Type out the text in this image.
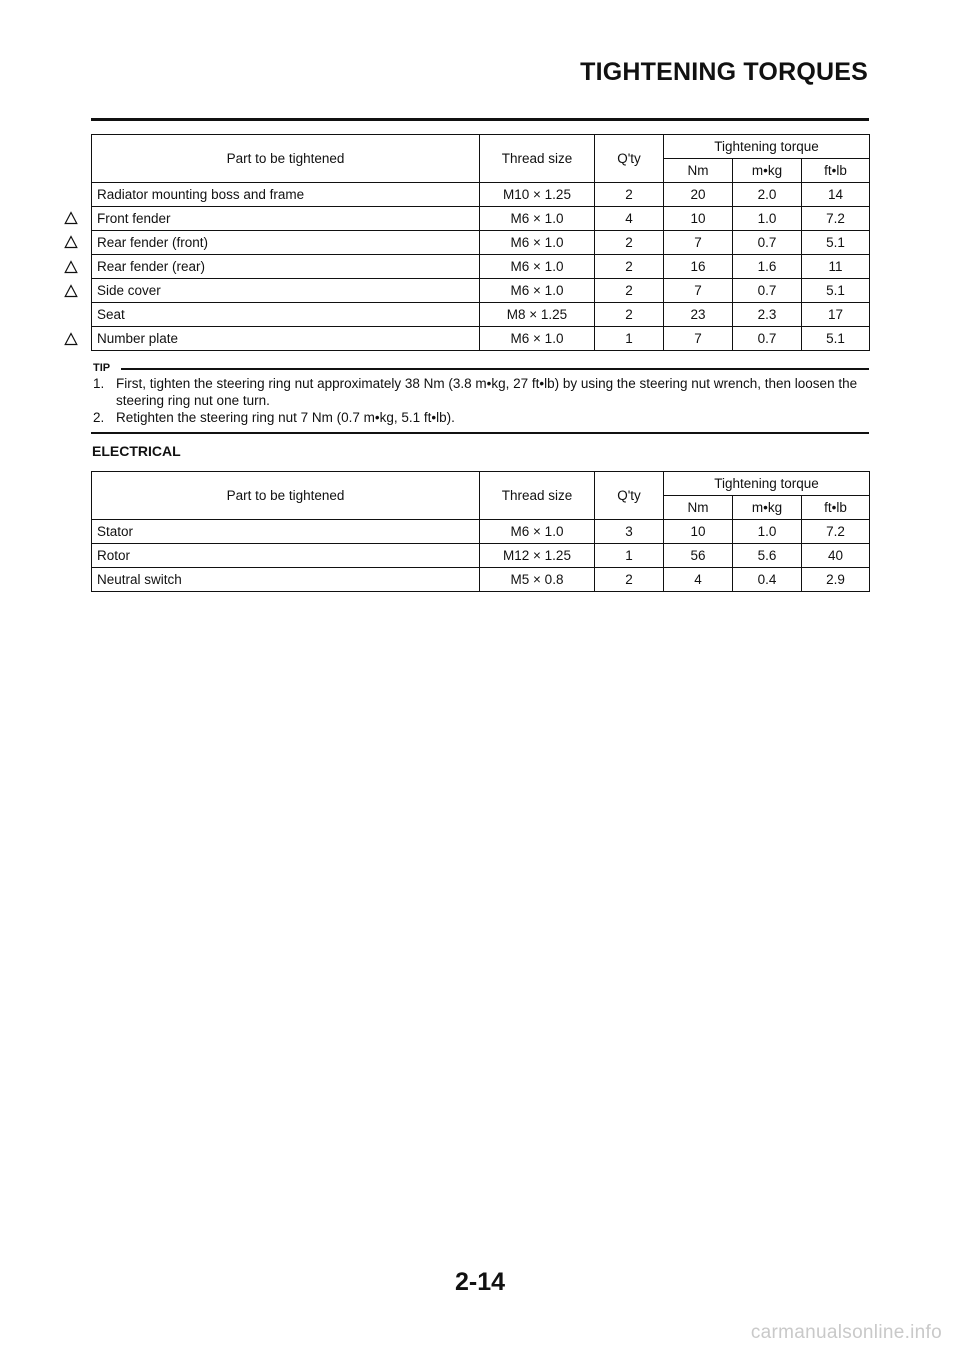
TIGHTENING TORQUES
Part to be tightened	Thread size	Q'ty	Tightening torque		
			Nm	m•kg	ft•lb
Radiator mounting boss and frame	M10 × 1.25	2	20	2.0	14
Front fender	M6 × 1.0	4	10	1.0	7.2
Rear fender (front)	M6 × 1.0	2	7	0.7	5.1
Rear fender (rear)	M6 × 1.0	2	16	1.6	11
Side cover	M6 × 1.0	2	7	0.7	5.1
Seat	M8 × 1.25	2	23	2.3	17
Number plate	M6 × 1.0	1	7	0.7	5.1
TIP
1. First, tighten the steering ring nut approximately 38 Nm (3.8 m•kg, 27 ft•lb) by using the steering nut wrench, then loosen the steering ring nut one turn.
2. Retighten the steering ring nut 7 Nm (0.7 m•kg, 5.1 ft•lb).
ELECTRICAL
Part to be tightened	Thread size	Q'ty	Tightening torque		
			Nm	m•kg	ft•lb
Stator	M6 × 1.0	3	10	1.0	7.2
Rotor	M12 × 1.25	1	56	5.6	40
Neutral switch	M5 × 0.8	2	4	0.4	2.9
2-14
carmanualsonline.info
